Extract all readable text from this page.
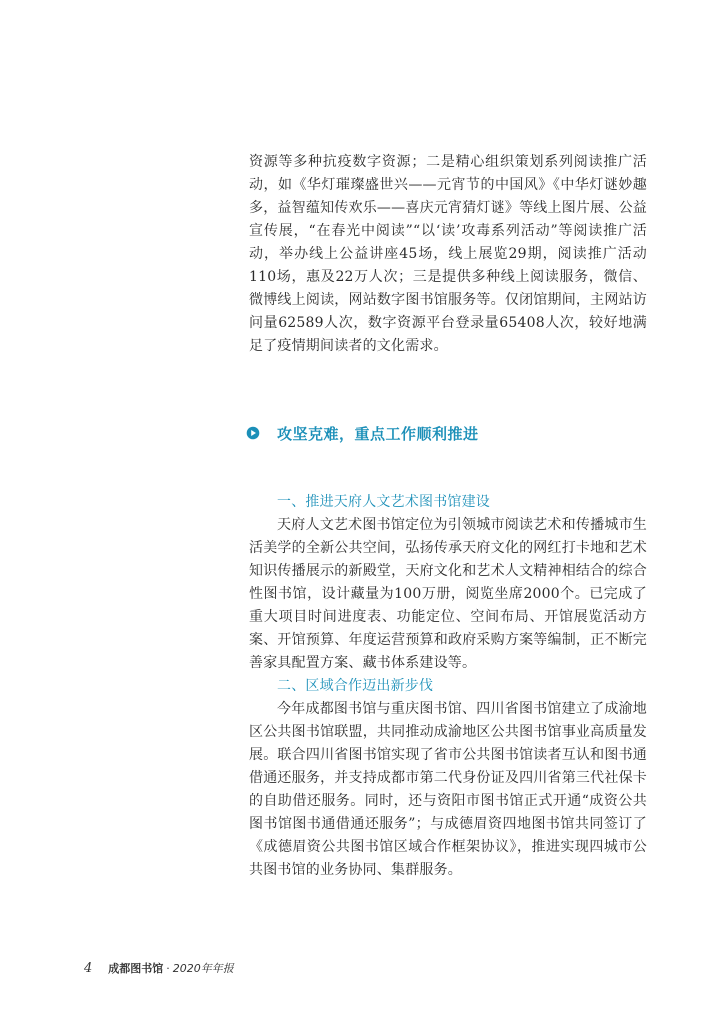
资源等多种抗疫数字资源；二是精心组织策划系列阅读推广活动，如《华灯璀璨盛世兴——元宵节的中国风》《中华灯谜妙趣多，益智蕴知传欢乐——喜庆元宵猜灯谜》等线上图片展、公益宣传展，“在春光中阅读”“以‘读’攻毒系列活动”等阅读推广活动，举办线上公益讲座45场，线上展览29期，阅读推广活动110场，惠及22万人次；三是提供多种线上阅读服务，微信、微博线上阅读，网站数字图书馆服务等。仅闭馆期间，主网站访问量62589人次，数字资源平台登录量65408人次，较好地满足了疫情期间读者的文化需求。

攻坚克难，重点工作顺利推进

一、推进天府人文艺术图书馆建设

天府人文艺术图书馆定位为引领城市阅读艺术和传播城市生活美学的全新公共空间，弘扬传承天府文化的网红打卡地和艺术知识传播展示的新殿堂，天府文化和艺术人文精神相结合的综合性图书馆，设计藏量为100万册，阅览坐席2000个。已完成了重大项目时间进度表、功能定位、空间布局、开馆展览活动方案、开馆预算、年度运营预算和政府采购方案等编制，正不断完善家具配置方案、藏书体系建设等。

二、区域合作迈出新步伐

今年成都图书馆与重庆图书馆、四川省图书馆建立了成渝地区公共图书馆联盟，共同推动成渝地区公共图书馆事业高质量发展。联合四川省图书馆实现了省市公共图书馆读者互认和图书通借通还服务，并支持成都市第二代身份证及四川省第三代社保卡的自助借还服务。同时，还与资阳市图书馆正式开通“成资公共图书馆图书通借通还服务”；与成德眉资四地图书馆共同签订了《成德眉资公共图书馆区域合作框架协议》，推进实现四城市公共图书馆的业务协同、集群服务。

4 成都图书馆 · 2020年年报
